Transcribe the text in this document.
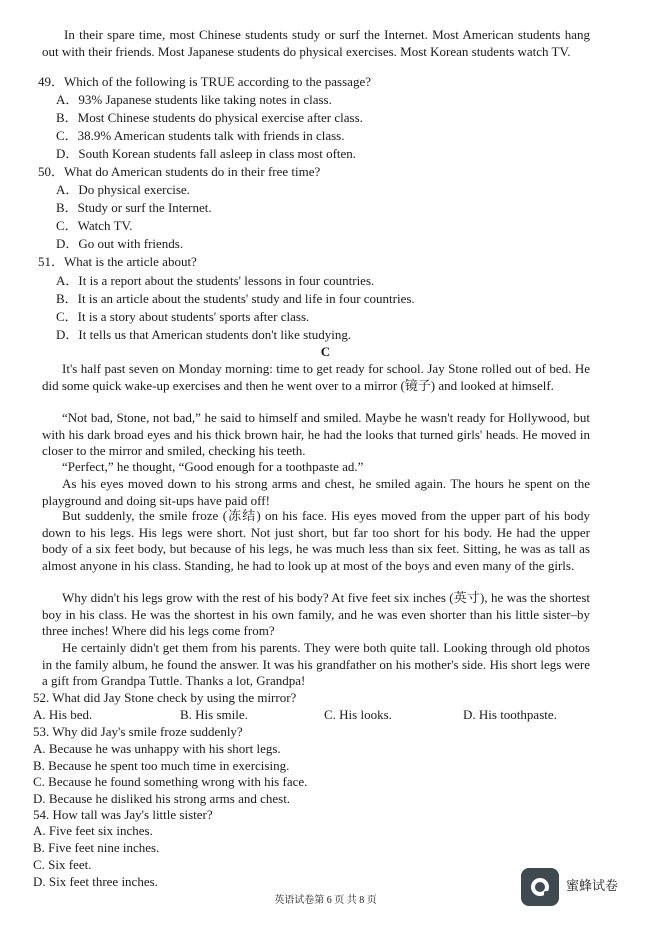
In their spare time, most Chinese students study or surf the Internet. Most American students hang out with their friends. Most Japanese students do physical exercises. Most Korean students watch TV.
49．Which of the following is TRUE according to the passage?
A．93% Japanese students like taking notes in class.
B．Most Chinese students do physical exercise after class.
C．38.9% American students talk with friends in class.
D．South Korean students fall asleep in class most often.
50．What do American students do in their free time?
A．Do physical exercise.
B．Study or surf the Internet.
C．Watch TV.
D．Go out with friends.
51．What is the article about?
A．It is a report about the students' lessons in four countries.
B．It is an article about the students' study and life in four countries.
C．It is a story about students' sports after class.
D．It tells us that American students don't like studying.
C
It's half past seven on Monday morning: time to get ready for school. Jay Stone rolled out of bed. He did some quick wake-up exercises and then he went over to a mirror (镜子) and looked at himself.
“Not bad, Stone, not bad,” he said to himself and smiled. Maybe he wasn't ready for Hollywood, but with his dark broad eyes and his thick brown hair, he had the looks that turned girls' heads. He moved in closer to the mirror and smiled, checking his teeth.
“Perfect,” he thought, “Good enough for a toothpaste ad.”
As his eyes moved down to his strong arms and chest, he smiled again. The hours he spent on the playground and doing sit-ups have paid off!
But suddenly, the smile froze (冻结) on his face. His eyes moved from the upper part of his body down to his legs. His legs were short. Not just short, but far too short for his body. He had the upper body of a six feet body, but because of his legs, he was much less than six feet. Sitting, he was as tall as almost anyone in his class. Standing, he had to look up at most of the boys and even many of the girls.
Why didn't his legs grow with the rest of his body? At five feet six inches (英寸), he was the shortest boy in his class. He was the shortest in his own family, and he was even shorter than his little sister–by three inches! Where did his legs come from?
He certainly didn't get them from his parents. They were both quite tall. Looking through old photos in the family album, he found the answer. It was his grandfather on his mother's side. His short legs were a gift from Grandpa Tuttle. Thanks a lot, Grandpa!
52. What did Jay Stone check by using the mirror?
A. His bed.	B. His smile.	C. His looks.	D. His toothpaste.
53. Why did Jay's smile froze suddenly?
A. Because he was unhappy with his short legs.
B. Because he spent too much time in exercising.
C. Because he found something wrong with his face.
D. Because he disliked his strong arms and chest.
54. How tall was Jay's little sister?
A. Five feet six inches.
B. Five feet nine inches.
C. Six feet.
D. Six feet three inches.
英语试卷第 6 页 共 8 页
蜜蜂试卷
